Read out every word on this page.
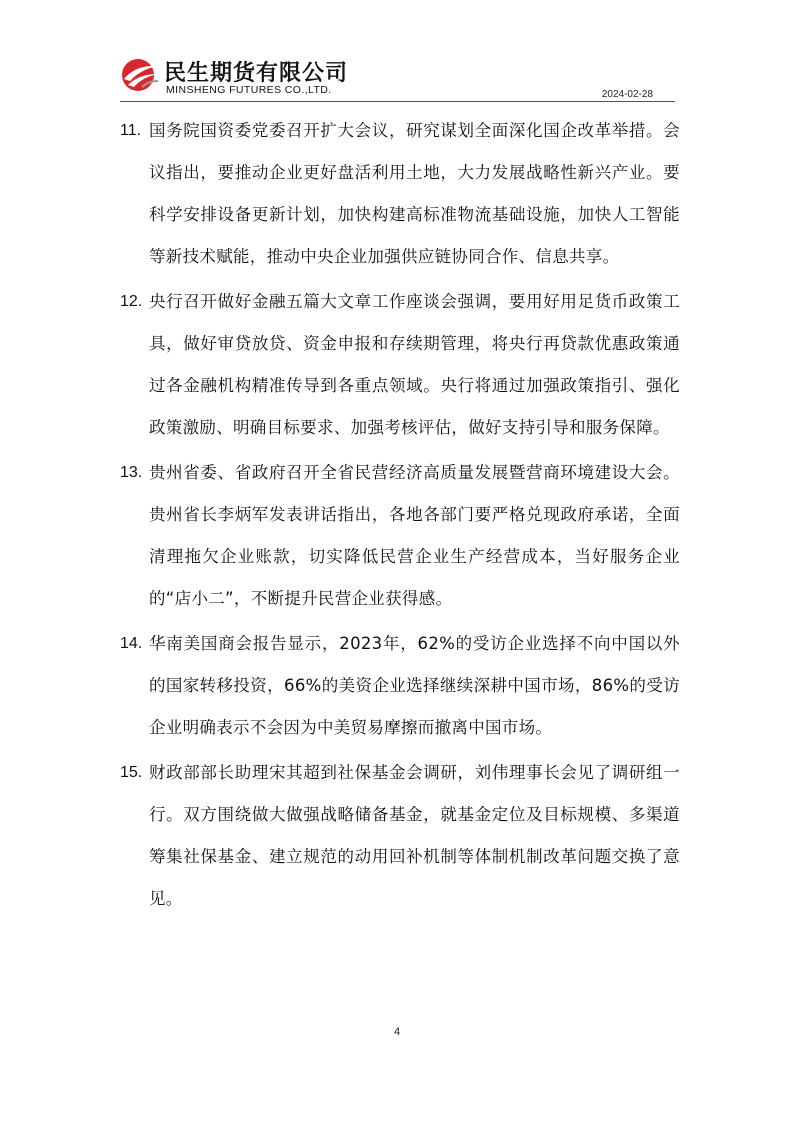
民生期货有限公司
MINSHENG FUTURES CO.,LTD.	2024-02-28
11. 国务院国资委党委召开扩大会议，研究谋划全面深化国企改革举措。会议指出，要推动企业更好盘活利用土地，大力发展战略性新兴产业。要科学安排设备更新计划，加快构建高标准物流基础设施，加快人工智能等新技术赋能，推动中央企业加强供应链协同合作、信息共享。
12. 央行召开做好金融五篇大文章工作座谈会强调，要用好用足货币政策工具，做好审贷放贷、资金申报和存续期管理，将央行再贷款优惠政策通过各金融机构精准传导到各重点领域。央行将通过加强政策指引、强化政策激励、明确目标要求、加强考核评估，做好支持引导和服务保障。
13. 贵州省委、省政府召开全省民营经济高质量发展暨营商环境建设大会。贵州省长李炳军发表讲话指出，各地各部门要严格兑现政府承诺，全面清理拖欠企业账款，切实降低民营企业生产经营成本，当好服务企业的“店小二”，不断提升民营企业获得感。
14. 华南美国商会报告显示，2023年，62%的受访企业选择不向中国以外的国家转移投资，66%的美资企业选择继续深耕中国市场，86%的受访企业明确表示不会因为中美贸易摩擦而撤离中国市场。
15. 财政部部长助理宋其超到社保基金会调研，刘伟理事长会见了调研组一行。双方围绕做大做强战略储备基金，就基金定位及目标规模、多渠道筹集社保基金、建立规范的动用回补机制等体制机制改革问题交换了意见。
4
